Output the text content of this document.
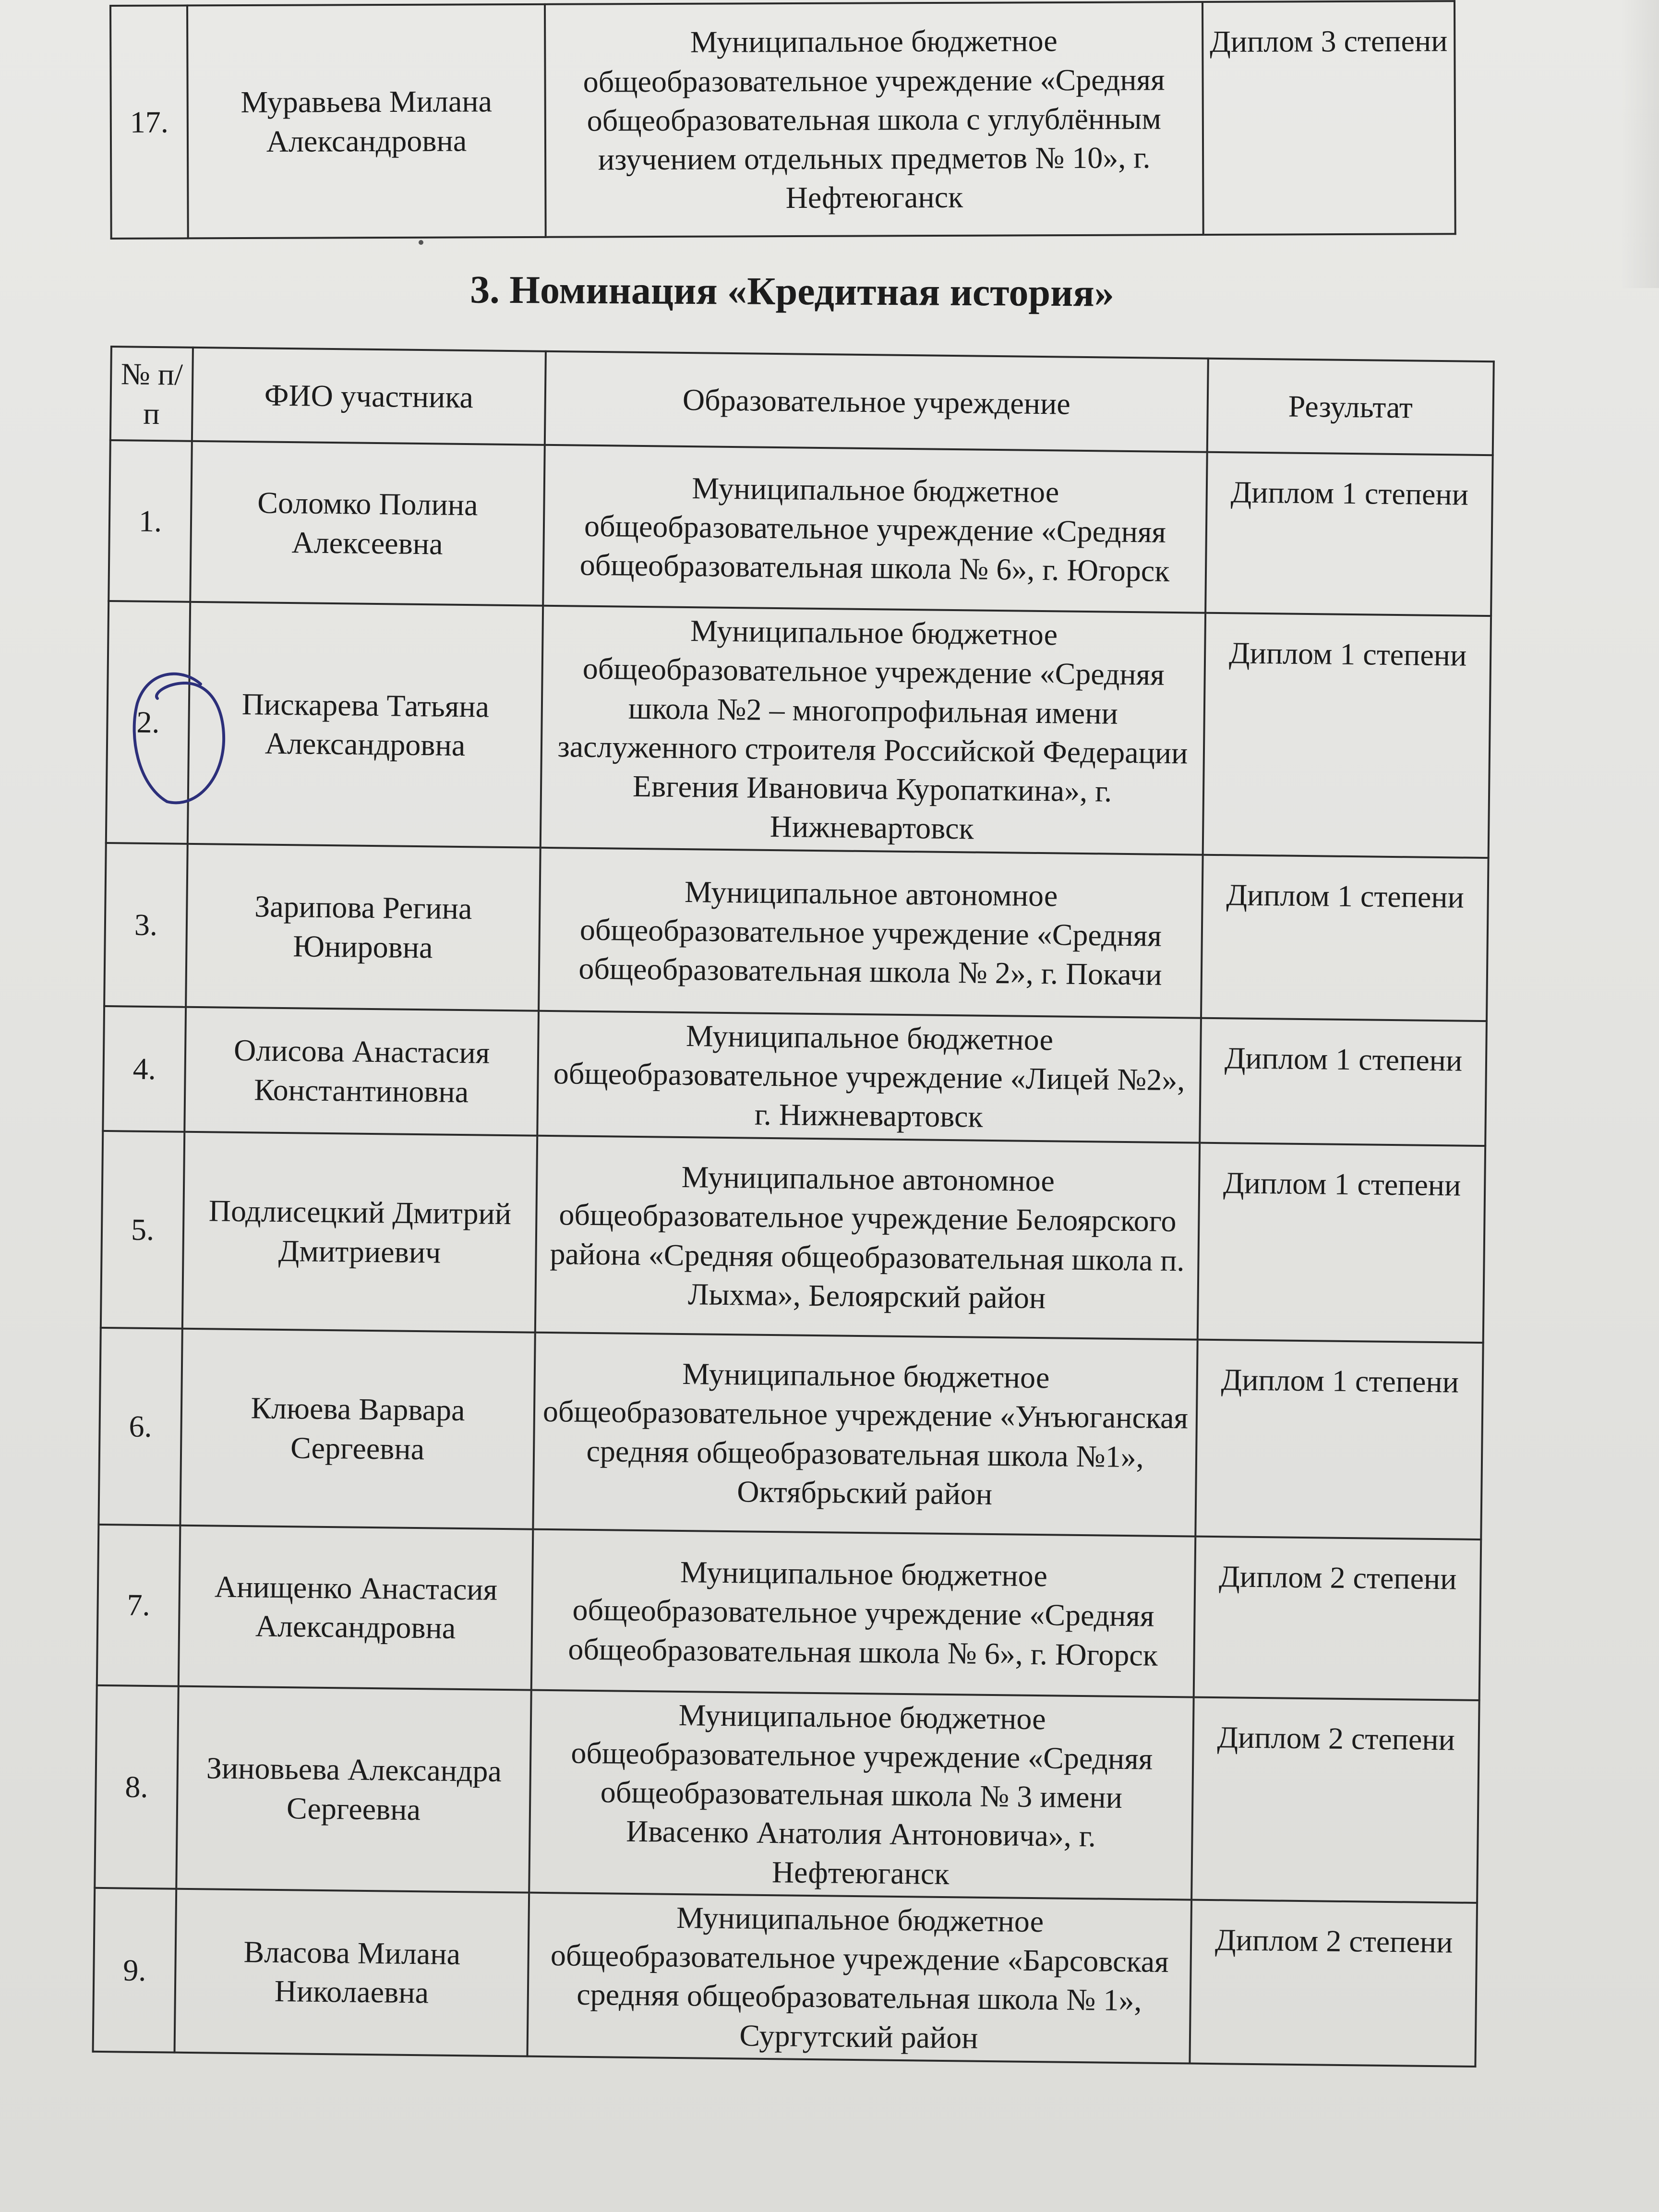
17.	Муравьева Милана Александровна	Муниципальное бюджетное общеобразовательное учреждение «Средняя общеобразовательная школа с углублённым изучением отдельных предметов № 10», г. Нефтеюганск	Диплом 3 степени
3. Номинация «Кредитная история»
№ п/п	ФИО участника	Образовательное учреждение	Результат
1.	Соломко Полина Алексеевна	Муниципальное бюджетное общеобразовательное учреждение «Средняя общеобразовательная школа № 6», г. Югорск	Диплом 1 степени
2.	Пискарева Татьяна Александровна	Муниципальное бюджетное общеобразовательное учреждение «Средняя школа №2 – многопрофильная имени заслуженного строителя Российской Федерации Евгения Ивановича Куропаткина», г. Нижневартовск	Диплом 1 степени
3.	Зарипова Регина Юнировна	Муниципальное автономное общеобразовательное учреждение «Средняя общеобразовательная школа № 2», г. Покачи	Диплом 1 степени
4.	Олисова Анастасия Константиновна	Муниципальное бюджетное общеобразовательное учреждение «Лицей №2», г. Нижневартовск	Диплом 1 степени
5.	Подлисецкий Дмитрий Дмитриевич	Муниципальное автономное общеобразовательное учреждение Белоярского района «Средняя общеобразовательная школа п. Лыхма», Белоярский район	Диплом 1 степени
6.	Клюева Варвара Сергеевна	Муниципальное бюджетное общеобразовательное учреждение «Унъюганская средняя общеобразовательная школа №1», Октябрьский район	Диплом 1 степени
7.	Анищенко Анастасия Александровна	Муниципальное бюджетное общеобразовательное учреждение «Средняя общеобразовательная школа № 6», г. Югорск	Диплом 2 степени
8.	Зиновьева Александра Сергеевна	Муниципальное бюджетное общеобразовательное учреждение «Средняя общеобразовательная школа № 3 имени Ивасенко Анатолия Антоновича», г. Нефтеюганск	Диплом 2 степени
9.	Власова Милана Николаевна	Муниципальное бюджетное общеобразовательное учреждение «Барсовская средняя общеобразовательная школа № 1», Сургутский район	Диплом 2 степени
